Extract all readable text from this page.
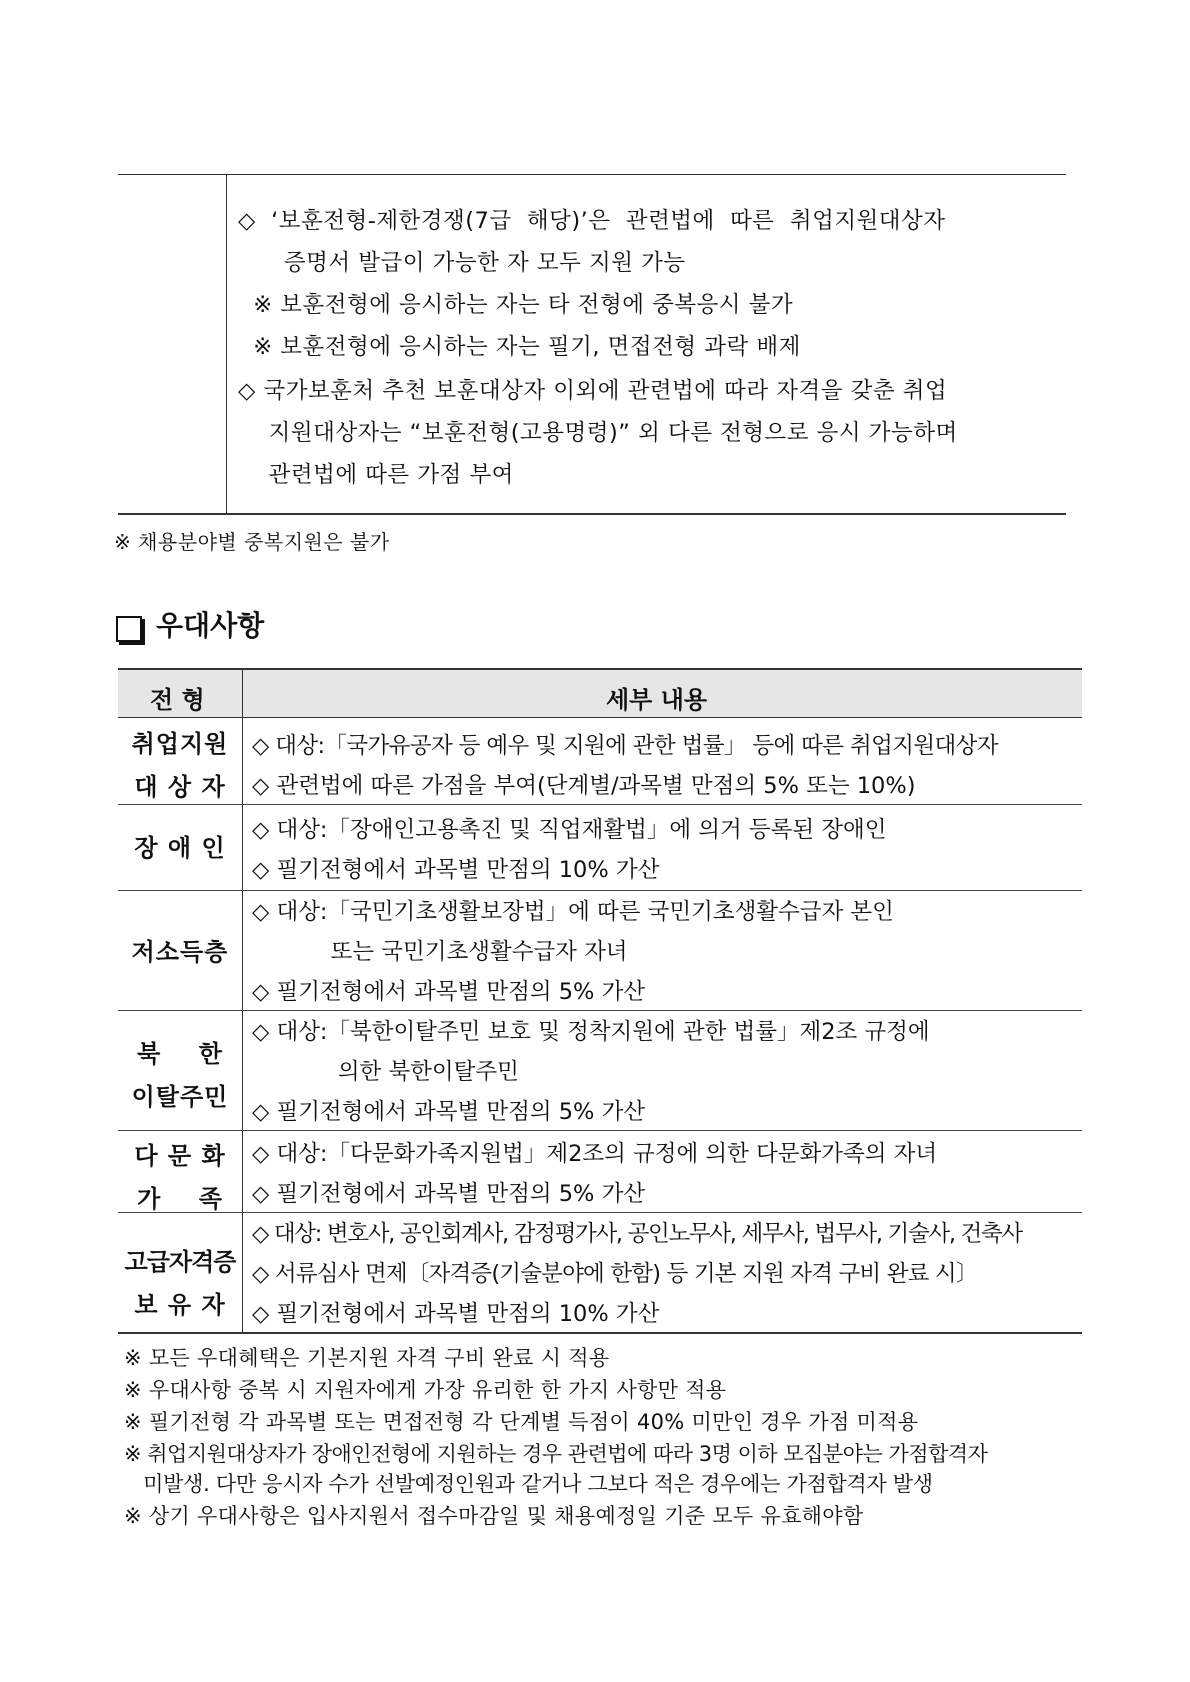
◇  ‘보훈전형-제한경쟁(7급  해당)’은  관련법에  따른  취업지원대상자
증명서 발급이 가능한 자 모두 지원 가능
※ 보훈전형에 응시하는 자는 타 전형에 중복응시 불가
※ 보훈전형에 응시하는 자는 필기, 면접전형 과락 배제
◇ 국가보훈처 추천 보훈대상자 이외에 관련법에 따라 자격을 갖춘 취업
지원대상자는 “보훈전형(고용명령)” 외 다른 전형으로 응시 가능하며
관련법에 따른 가점 부여
※ 채용분야별 중복지원은 불가
우대사항
전 형	세부 내용
취업지원
대 상 자
◇ 대상:「국가유공자 등 예우 및 지원에 관한 법률」 등에 따른 취업지원대상자
◇ 관련법에 따른 가점을 부여(단계별/과목별 만점의 5% 또는 10%)
장 애 인
◇ 대상:「장애인고용촉진 및 직업재활법」에 의거 등록된 장애인
◇ 필기전형에서 과목별 만점의 10% 가산
저소득층
◇ 대상:「국민기초생활보장법」에 따른 국민기초생활수급자 본인
또는 국민기초생활수급자 자녀
◇ 필기전형에서 과목별 만점의 5% 가산
북    한
이탈주민
◇ 대상:「북한이탈주민 보호 및 정착지원에 관한 법률」제2조 규정에
의한 북한이탈주민
◇ 필기전형에서 과목별 만점의 5% 가산
다 문 화
가    족
◇ 대상:「다문화가족지원법」제2조의 규정에 의한 다문화가족의 자녀
◇ 필기전형에서 과목별 만점의 5% 가산
고급자격증
보 유 자
◇ 대상: 변호사, 공인회계사, 감정평가사, 공인노무사, 세무사, 법무사, 기술사, 건축사
◇ 서류심사 면제〔자격증(기술분야에 한함) 등 기본 지원 자격 구비 완료 시〕
◇ 필기전형에서 과목별 만점의 10% 가산
※ 모든 우대혜택은 기본지원 자격 구비 완료 시 적용
※ 우대사항 중복 시 지원자에게 가장 유리한 한 가지 사항만 적용
※ 필기전형 각 과목별 또는 면접전형 각 단계별 득점이 40% 미만인 경우 가점 미적용
※ 취업지원대상자가 장애인전형에 지원하는 경우 관련법에 따라 3명 이하 모집분야는 가점합격자
미발생. 다만 응시자 수가 선발예정인원과 같거나 그보다 적은 경우에는 가점합격자 발생
※ 상기 우대사항은 입사지원서 접수마감일 및 채용예정일 기준 모두 유효해야함
